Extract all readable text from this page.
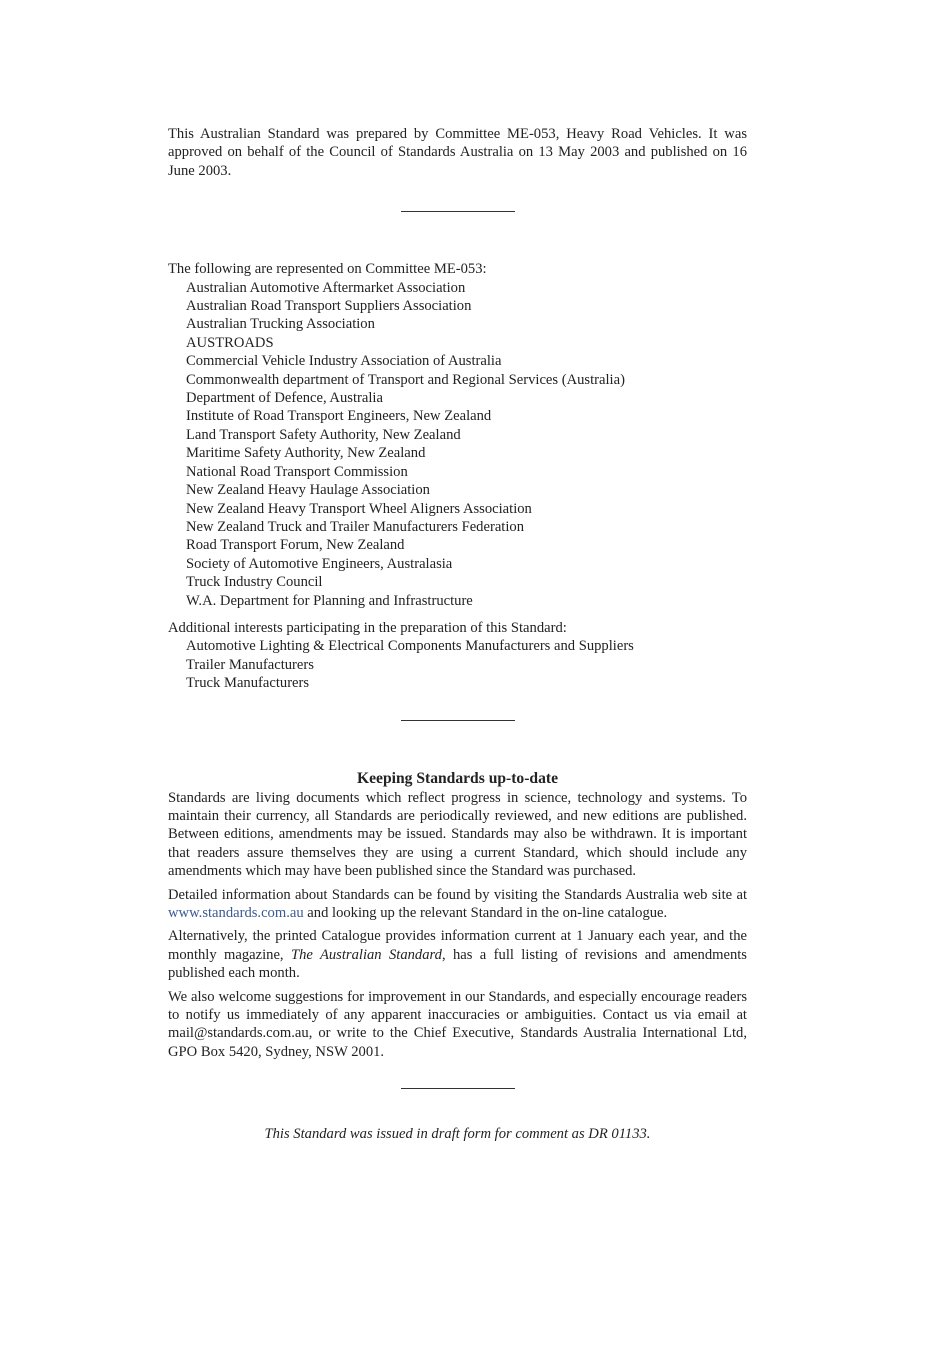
This Australian Standard was prepared by Committee ME-053, Heavy Road Vehicles. It was approved on behalf of the Council of Standards Australia on 13 May 2003 and published on 16 June 2003.

The following are represented on Committee ME-053:
Australian Automotive Aftermarket Association
Australian Road Transport Suppliers Association
Australian Trucking Association
AUSTROADS
Commercial Vehicle Industry Association of Australia
Commonwealth department of Transport and Regional Services (Australia)
Department of Defence, Australia
Institute of Road Transport Engineers, New Zealand
Land Transport Safety Authority, New Zealand
Maritime Safety Authority, New Zealand
National Road Transport Commission
New Zealand Heavy Haulage Association
New Zealand Heavy Transport Wheel Aligners Association
New Zealand Truck and Trailer Manufacturers Federation
Road Transport Forum, New Zealand
Society of Automotive Engineers, Australasia
Truck Industry Council
W.A. Department for Planning and Infrastructure
Additional interests participating in the preparation of this Standard:
Automotive Lighting & Electrical Components Manufacturers and Suppliers
Trailer Manufacturers
Truck Manufacturers
Keeping Standards up-to-date

Standards are living documents which reflect progress in science, technology and systems. To maintain their currency, all Standards are periodically reviewed, and new editions are published. Between editions, amendments may be issued. Standards may also be withdrawn. It is important that readers assure themselves they are using a current Standard, which should include any amendments which may have been published since the Standard was purchased.

Detailed information about Standards can be found by visiting the Standards Australia web site at www.standards.com.au and looking up the relevant Standard in the on-line catalogue.

Alternatively, the printed Catalogue provides information current at 1 January each year, and the monthly magazine, The Australian Standard, has a full listing of revisions and amendments published each month.

We also welcome suggestions for improvement in our Standards, and especially encourage readers to notify us immediately of any apparent inaccuracies or ambiguities. Contact us via email at mail@standards.com.au, or write to the Chief Executive, Standards Australia International Ltd, GPO Box 5420, Sydney, NSW 2001.

This Standard was issued in draft form for comment as DR 01133.
